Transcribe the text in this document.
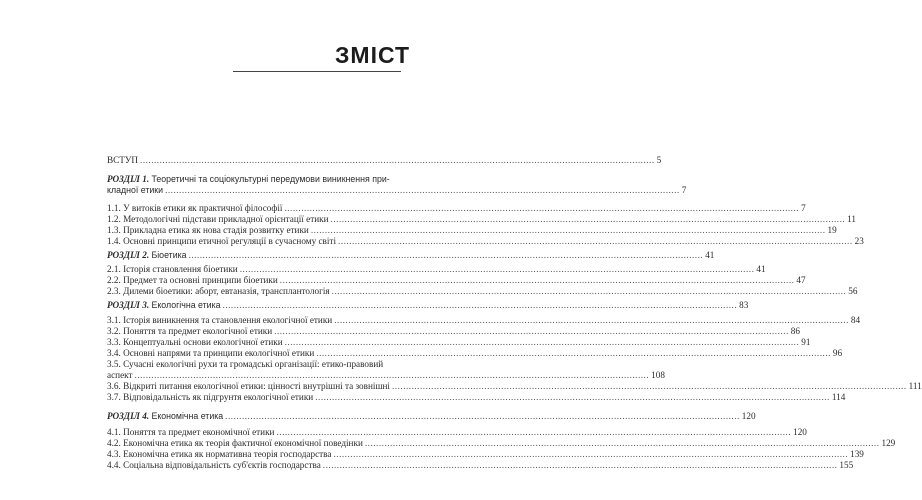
ЗМІСТ
ВСТУП .....	5
РОЗДІЛ 1. Теоретичні та соціокультурні передумови виникнення при-
кладної етики .....	7
1.1. У витоків етики як практичної філософії .....	7
1.2. Методологічні підстави прикладної орієнтації етики .....	11
1.3. Прикладна етика як нова стадія розвитку етики .....	19
1.4. Основні принципи етичної регуляції в сучасному світі .....	23
РОЗДІЛ 2. Біоетика .....	41
2.1. Історія становлення біоетики .....	41
2.2. Предмет та основні принципи біоетики .....	47
2.3. Дилеми біоетики: аборт, евтаназія, трансплантологія .....	56
РОЗДІЛ 3. Екологічна етика .....	83
3.1. Історія виникнення та становлення екологічної етики .....	84
3.2. Поняття та предмет екологічної етики .....	86
3.3. Концептуальні основи екологічної етики .....	91
3.4. Основні напрями та принципи екологічної етики .....	96
3.5. Сучасні екологічні рухи та громадські організації: етико-правовий
аспект .....	108
3.6. Відкриті питання екологічної етики: цінності внутрішні та зовнішні .....	111
3.7. Відповідальність як підгрунтя екологічної етики .....	114
РОЗДІЛ 4. Економічна етика .....	120
4.1. Поняття та предмет економічної етики .....	120
4.2. Економічна етика як теорія фактичної економічної поведінки .....	129
4.3. Економічна етика як нормативна теорія господарства .....	139
4.4. Соціальна відповідальність суб'єктів господарства .....	155
